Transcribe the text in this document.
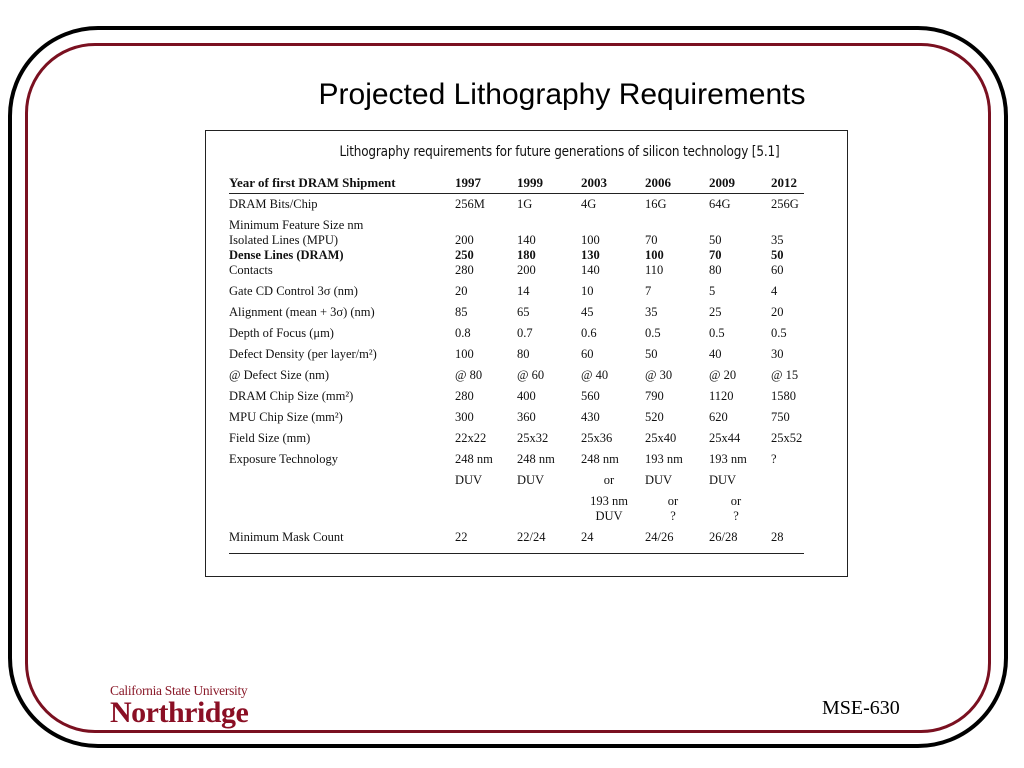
Projected Lithography Requirements
Lithography requirements for future generations of silicon technology [5.1]
Year of first DRAM Shipment	1997	1999	2003	2006	2009	2012
DRAM Bits/Chip	256M	1G	4G	16G	64G	256G
Minimum Feature Size nm						
Isolated Lines (MPU)	200	140	100	70	50	35
Dense Lines (DRAM)	250	180	130	100	70	50
Contacts	280	200	140	110	80	60
Gate CD Control 3σ (nm)	20	14	10	7	5	4
Alignment (mean + 3σ) (nm)	85	65	45	35	25	20
Depth of Focus (μm)	0.8	0.7	0.6	0.5	0.5	0.5
Defect Density (per layer/m²)	100	80	60	50	40	30
@ Defect Size (nm)	@ 80	@ 60	@ 40	@ 30	@ 20	@ 15
DRAM Chip Size (mm²)	280	400	560	790	1120	1580
MPU Chip Size (mm²)	300	360	430	520	620	750
Field Size (mm)	22x22	25x32	25x36	25x40	25x44	25x52
Exposure Technology	248 nm	248 nm	248 nm	193 nm	193 nm	?
	DUV	DUV	or	DUV	DUV	
			193 nm	or	or	
			DUV	?	?	
Minimum Mask Count	22	22/24	24	24/26	26/28	28
California State University
Northridge	MSE-630
